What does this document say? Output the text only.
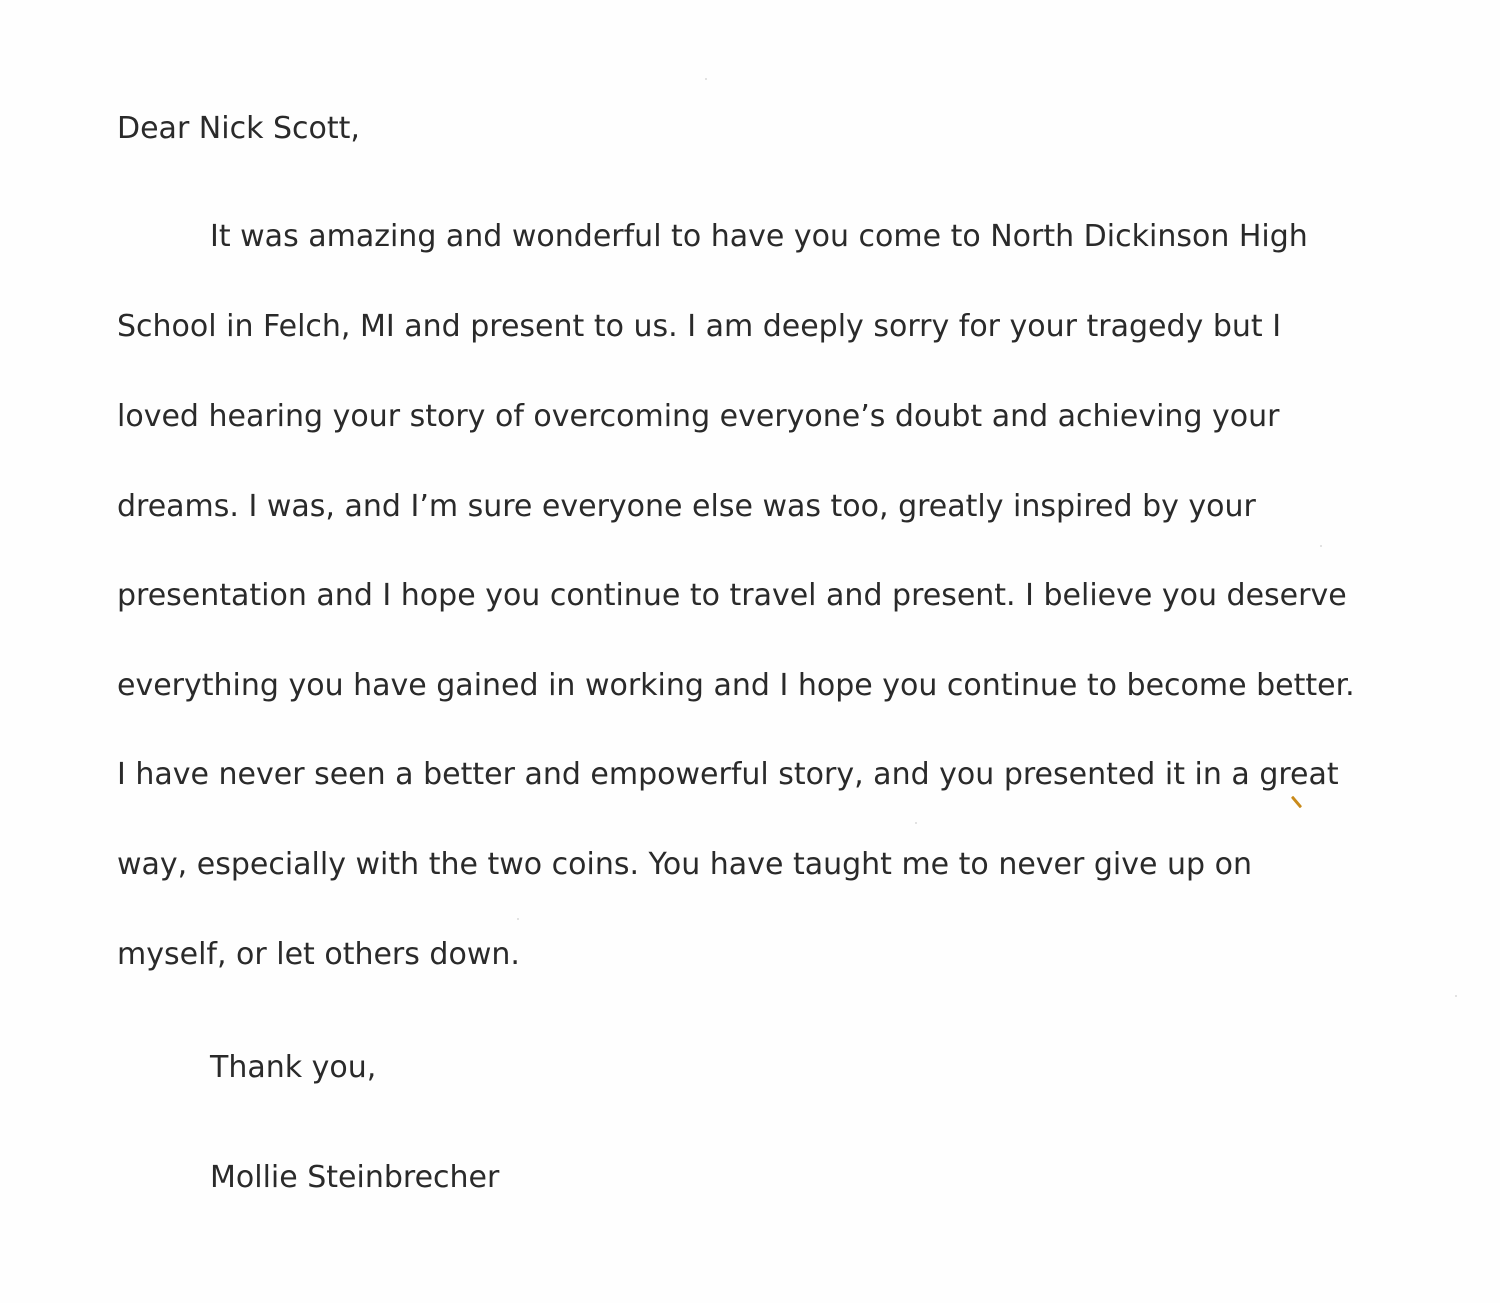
Dear Nick Scott,
It was amazing and wonderful to have you come to North Dickinson High
School in Felch, MI and present to us. I am deeply sorry for your tragedy but I
loved hearing your story of overcoming everyone’s doubt and achieving your
dreams. I was, and I’m sure everyone else was too, greatly inspired by your
presentation and I hope you continue to travel and present. I believe you deserve
everything you have gained in working and I hope you continue to become better.
I have never seen a better and empowerful story, and you presented it in a great
way, especially with the two coins. You have taught me to never give up on
myself, or let others down.
Thank you,
Mollie Steinbrecher
